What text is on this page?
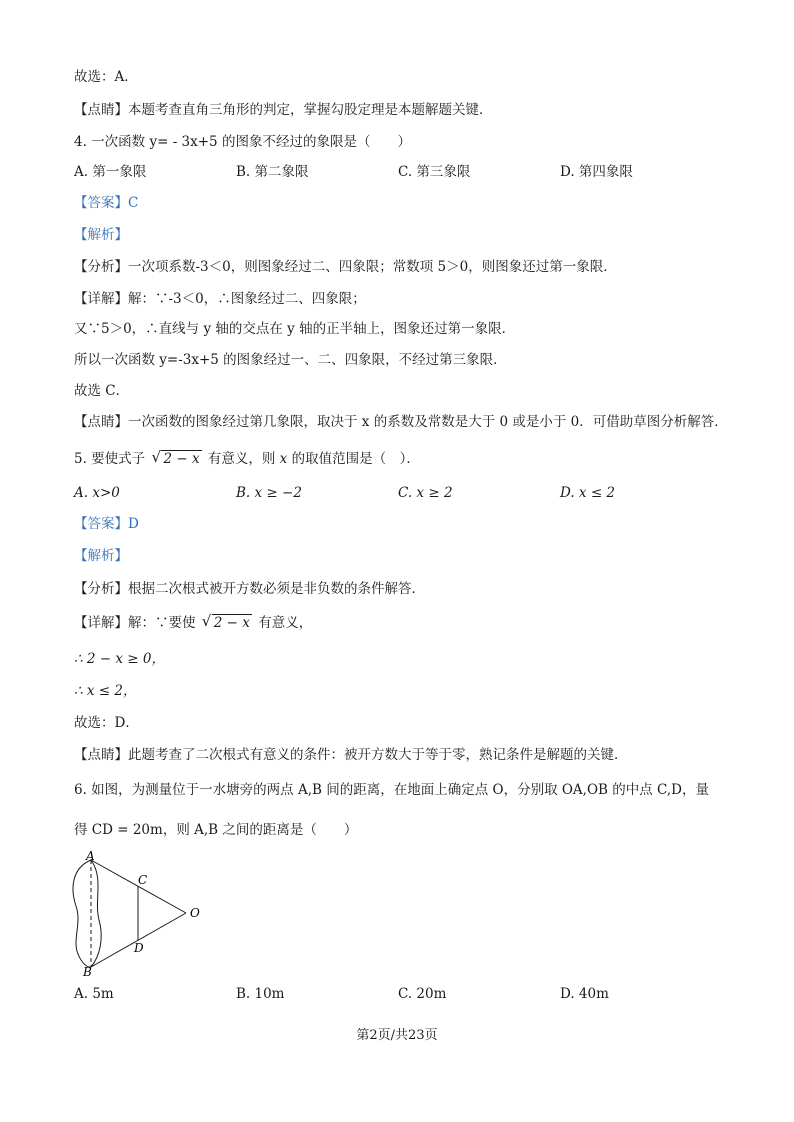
故选：A．
【点睛】本题考查直角三角形的判定，掌握勾股定理是本题解题关键．
4. 一次函数 y= ‐ 3x+5 的图象不经过的象限是（　　）
A. 第一象限	B. 第二象限	C. 第三象限	D. 第四象限
【答案】C
【解析】
【分析】一次项系数-3＜0，则图象经过二、四象限；常数项 5＞0，则图象还过第一象限．
【详解】解：∵-3＜0，∴图象经过二、四象限；
又∵5＞0，∴直线与 y 轴的交点在 y 轴的正半轴上，图象还过第一象限．
所以一次函数 y=-3x+5 的图象经过一、二、四象限，不经过第三象限．
故选 C．
【点睛】一次函数的图象经过第几象限，取决于 x 的系数及常数是大于 0 或是小于 0．可借助草图分析解答．
5. 要使式子 √ 2 − x 有意义，则 x 的取值范围是（　）．
A. x>0	B. x ≥ −2	C. x ≥ 2	D. x ≤ 2
【答案】D
【解析】
【分析】根据二次根式被开方数必须是非负数的条件解答．
【详解】解：∵要使 √ 2 − x 有意义，
∴ 2 − x ≥ 0，
∴ x ≤ 2，
故选：D．
【点睛】此题考查了二次根式有意义的条件：被开方数大于等于零，熟记条件是解题的关键．
6. 如图，为测量位于一水塘旁的两点 A,B 间的距离，在地面上确定点 O，分别取 OA,OB 的中点 C,D，量
得 CD = 20m，则 A,B 之间的距离是（　　）
A
B
C
D
O
A. 5m	B. 10m	C. 20m	D. 40m
第2页/共23页
